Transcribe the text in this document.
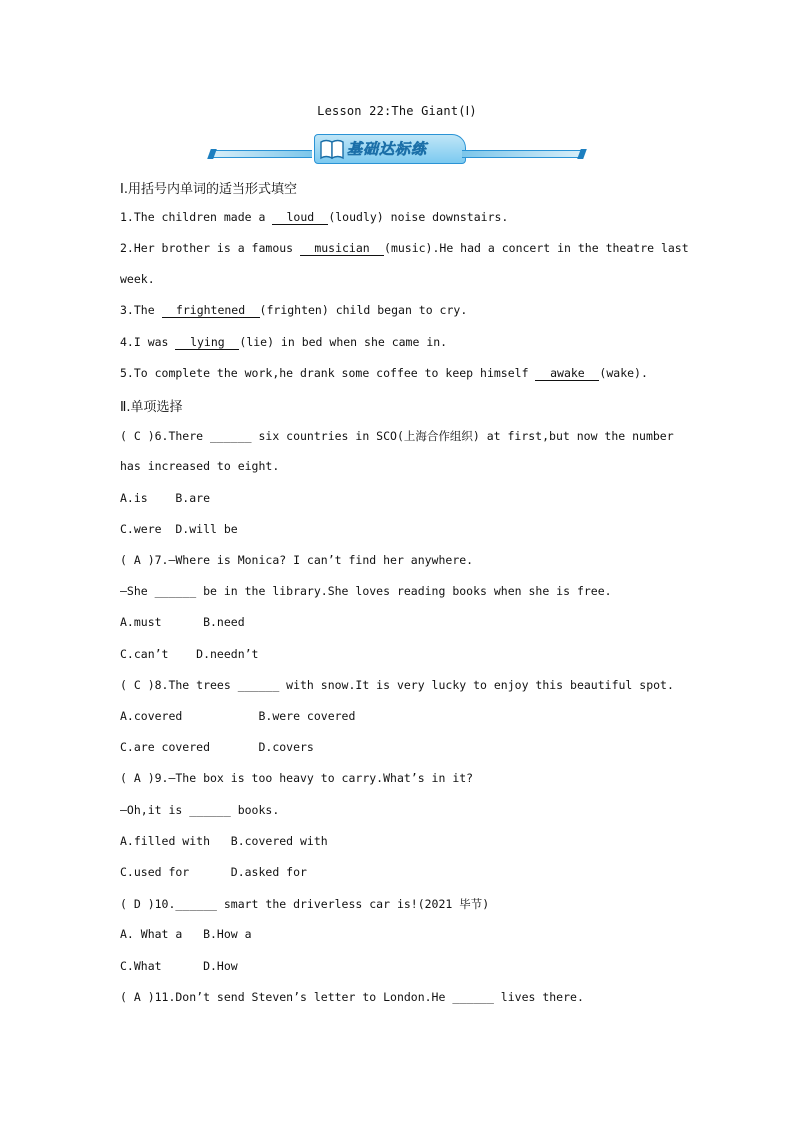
Lesson 22:The Giant(Ⅰ)
基础达标练
Ⅰ.用括号内单词的适当形式填空
1.The children made a loud (loudly) noise downstairs.
2.Her brother is a famous musician (music).He had a concert in the theatre last
week.
3.The frightened (frighten) child began to cry.
4.I was lying (lie) in bed when she came in.
5.To complete the work,he drank some coffee to keep himself awake (wake).
Ⅱ.单项选择
( C )6.There ______ six countries in SCO(上海合作组织) at first,but now the number
has increased to eight.
A.is    B.are
C.were  D.will be
( A )7.—Where is Monica? I can’t find her anywhere.
—She ______ be in the library.She loves reading books when she is free.
A.must      B.need
C.can’t    D.needn’t
( C )8.The trees ______ with snow.It is very lucky to enjoy this beautiful spot.
A.covered           B.were covered
C.are covered       D.covers
( A )9.—The box is too heavy to carry.What’s in it?
—Oh,it is ______ books.
A.filled with   B.covered with
C.used for      D.asked for
( D )10.______ smart the driverless car is!(2021 毕节)
A. What a   B.How a
C.What      D.How
( A )11.Don’t send Steven’s letter to London.He ______ lives there.
